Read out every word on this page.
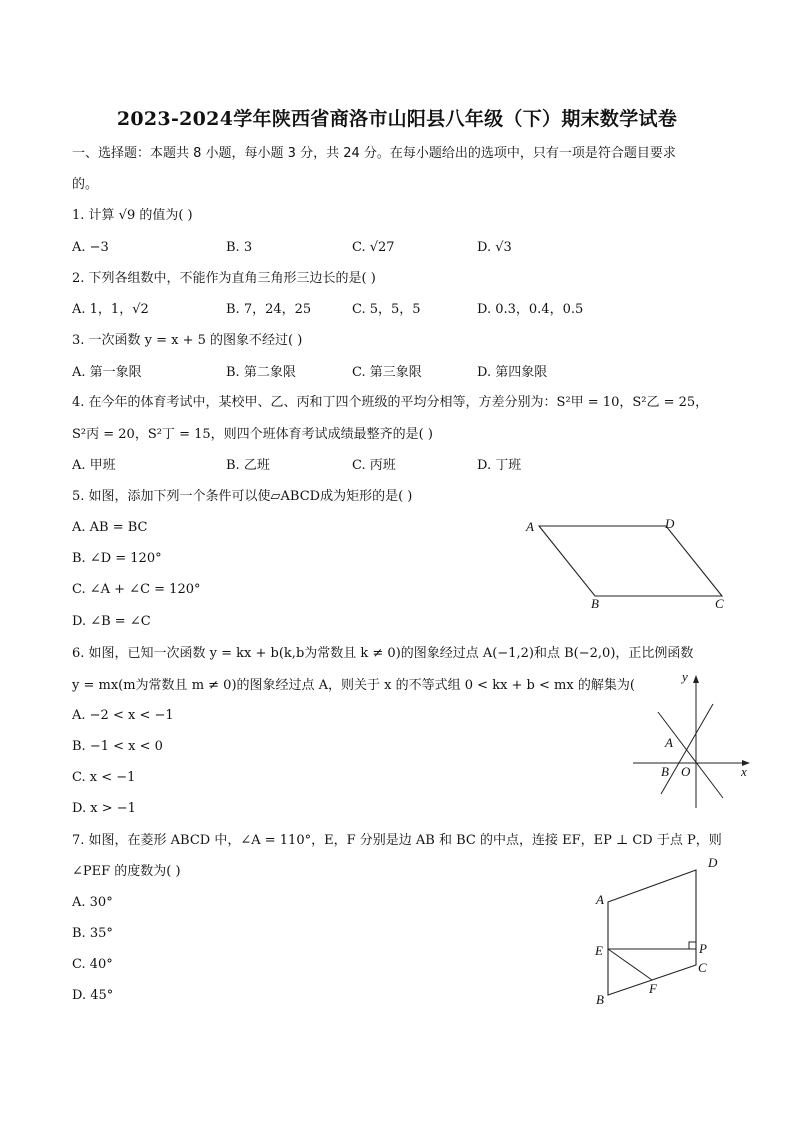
2023-2024学年陕西省商洛市山阳县八年级（下）期末数学试卷
一、选择题：本题共 8 小题，每小题 3 分，共 24 分。在每小题给出的选项中，只有一项是符合题目要求
的。
1. 计算 √9 的值为( )
A. −3	B. 3	C. √27	D. √3
2. 下列各组数中，不能作为直角三角形三边长的是( )
A. 1，1，√2	B. 7，24，25	C. 5，5，5	D. 0.3，0.4，0.5
3. 一次函数 y = x + 5 的图象不经过( )
A. 第一象限	B. 第二象限	C. 第三象限	D. 第四象限
4. 在今年的体育考试中，某校甲、乙、丙和丁四个班级的平均分相等，方差分别为：S²甲 = 10，S²乙 = 25，
S²丙 = 20，S²丁 = 15，则四个班体育考试成绩最整齐的是( )
A. 甲班	B. 乙班	C. 丙班	D. 丁班
5. 如图，添加下列一个条件可以使▱ABCD成为矩形的是( )
A. AB = BC
B. ∠D = 120°
C. ∠A + ∠C = 120°
D. ∠B = ∠C
A	D
B	C
6. 如图，已知一次函数 y = kx + b(k,b为常数且 k ≠ 0)的图象经过点 A(−1,2)和点 B(−2,0)，正比例函数
y = mx(m为常数且 m ≠ 0)的图象经过点 A，则关于 x 的不等式组 0 < kx + b < mx 的解集为(
A. −2 < x < −1
B. −1 < x < 0
C. x < −1
D. x > −1
y
x
A
B O
7. 如图，在菱形 ABCD 中，∠A = 110°，E，F 分别是边 AB 和 BC 的中点，连接 EF，EP ⊥ CD 于点 P，则
∠PEF 的度数为( )
A. 30°
B. 35°
C. 40°
D. 45°
D
A
E	P
C
F
B
